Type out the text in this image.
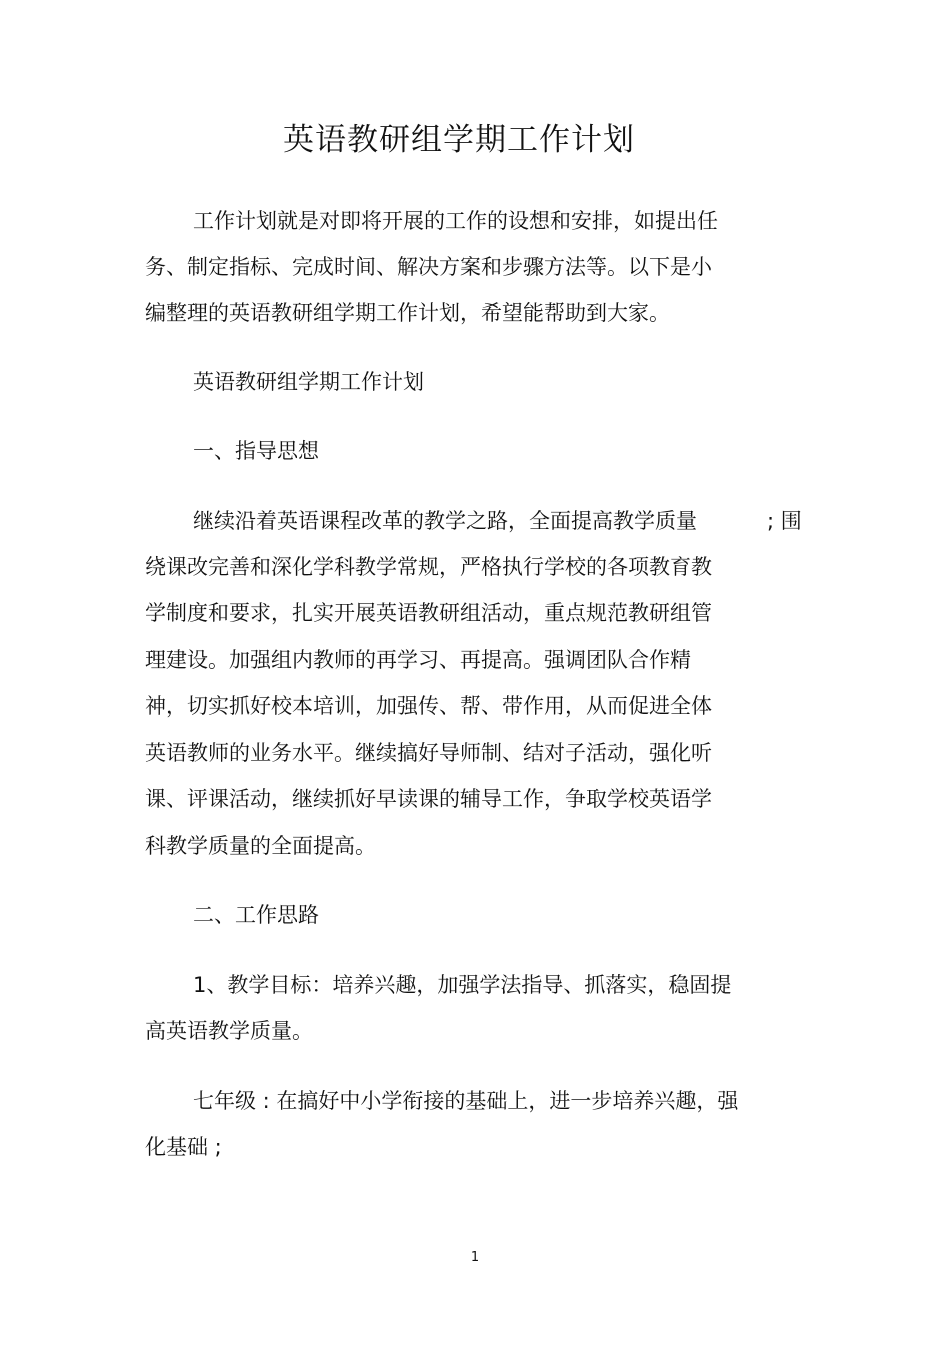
英语教研组学期工作计划
工作计划就是对即将开展的工作的设想和安排，如提出任
务、制定指标、完成时间、解决方案和步骤方法等。以下是小
编整理的英语教研组学期工作计划，希望能帮助到大家。
英语教研组学期工作计划
一、指导思想
继续沿着英语课程改革的教学之路，全面提高教学质量	; 围
绕课改完善和深化学科教学常规，严格执行学校的各项教育教
学制度和要求，扎实开展英语教研组活动，重点规范教研组管
理建设。加强组内教师的再学习、再提高。强调团队合作精
神，切实抓好校本培训，加强传、帮、带作用，从而促进全体
英语教师的业务水平。继续搞好导师制、结对子活动，强化听
课、评课活动，继续抓好早读课的辅导工作，争取学校英语学
科教学质量的全面提高。
二、工作思路
1、教学目标：培养兴趣，加强学法指导、抓落实，稳固提
高英语教学质量。
七年级 : 在搞好中小学衔接的基础上，进一步培养兴趣，强
化基础 ;
1
